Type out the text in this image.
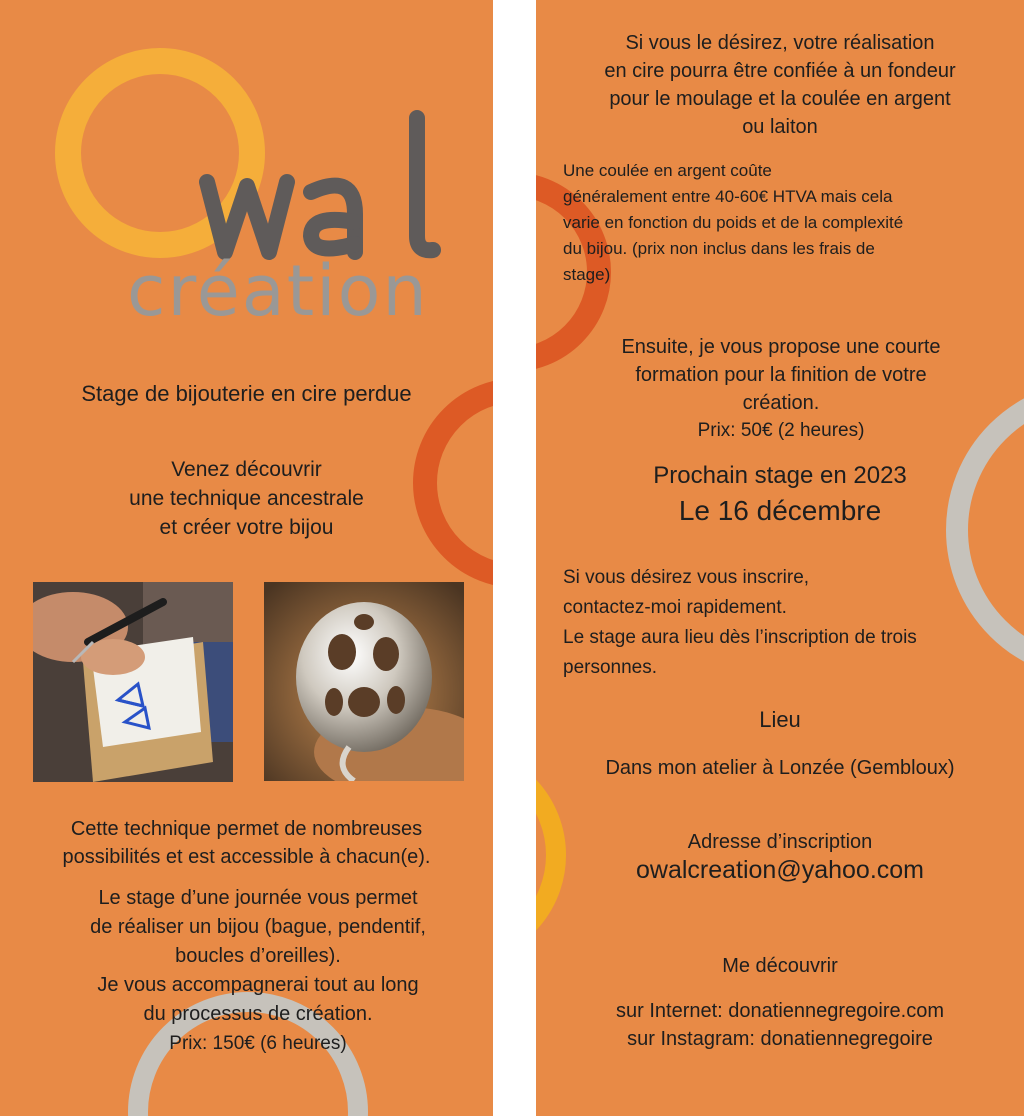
création

Stage de bijouterie en cire perdue

Venez découvrir
une technique ancestrale
et créer votre bijou
Cette technique permet de nombreuses
possibilités et est accessible à chacun(e).
Le stage d’une journée vous permet
de réaliser un bijou (bague, pendentif,
boucles d’oreilles).
Je vous accompagnerai tout au long
du processus de création.
Prix: 150€ (6 heures)
Si vous le désirez, votre réalisation
en cire pourra être confiée à un fondeur
pour le moulage et la coulée en argent
ou laiton
Une coulée en argent coûte
généralement entre 40-60€ HTVA mais cela
varie en fonction du poids et de la complexité
du bijou. (prix non inclus dans les frais de
stage)
Ensuite, je vous propose une courte
formation pour la finition de votre
création.
Prix: 50€ (2 heures)
Prochain stage en 2023
Le 16 décembre
Si vous désirez vous inscrire,
contactez-moi rapidement.
Le stage aura lieu dès l’inscription de trois
personnes.
Lieu
Dans mon atelier à Lonzée (Gembloux)
Adresse d’inscription
owalcreation@yahoo.com
Me découvrir
sur Internet: donatiennegregoire.com
sur Instagram: donatiennegregoire
